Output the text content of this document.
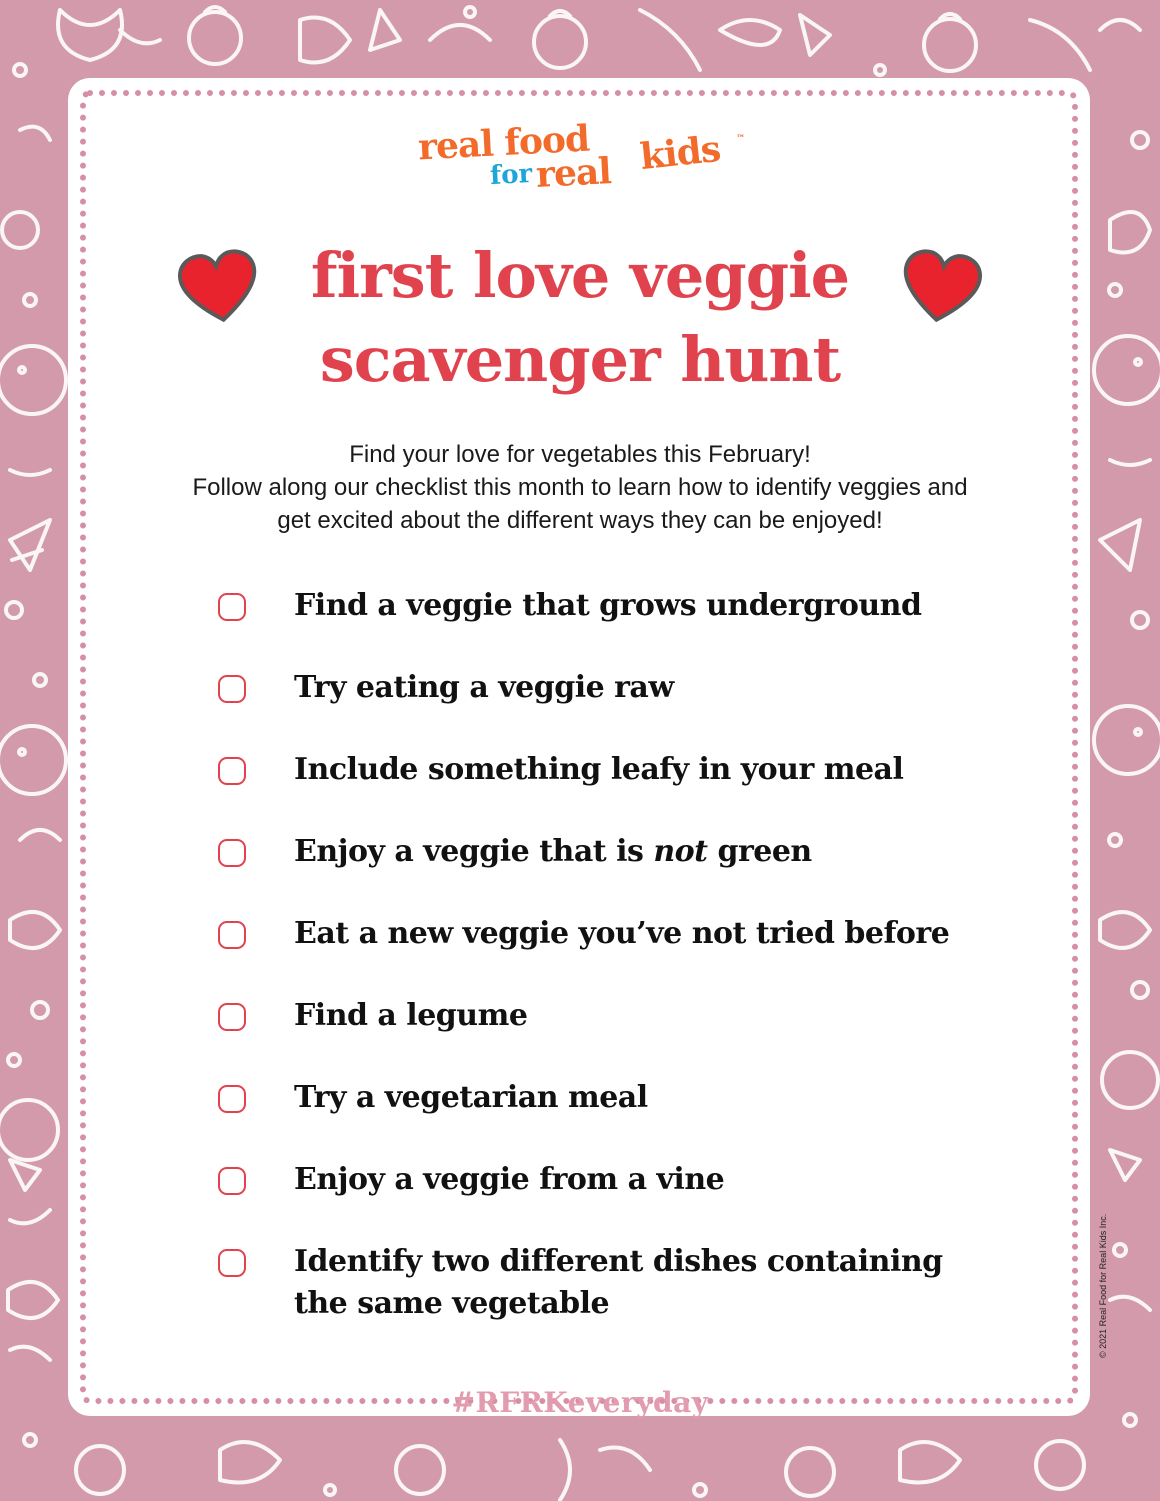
real food
for real kids ™
first love veggie
scavenger hunt
Find your love for vegetables this February!
Follow along our checklist this month to learn how to identify veggies and
get excited about the different ways they can be enjoyed!
Find a veggie that grows underground
Try eating a veggie raw
Include something leafy in your meal
Enjoy a veggie that is not green
Eat a new veggie you’ve not tried before
Find a legume
Try a vegetarian meal
Enjoy a veggie from a vine
Identify two different dishes containing
the same vegetable
#RFRKeveryday
© 2021 Real Food for Real Kids Inc.
